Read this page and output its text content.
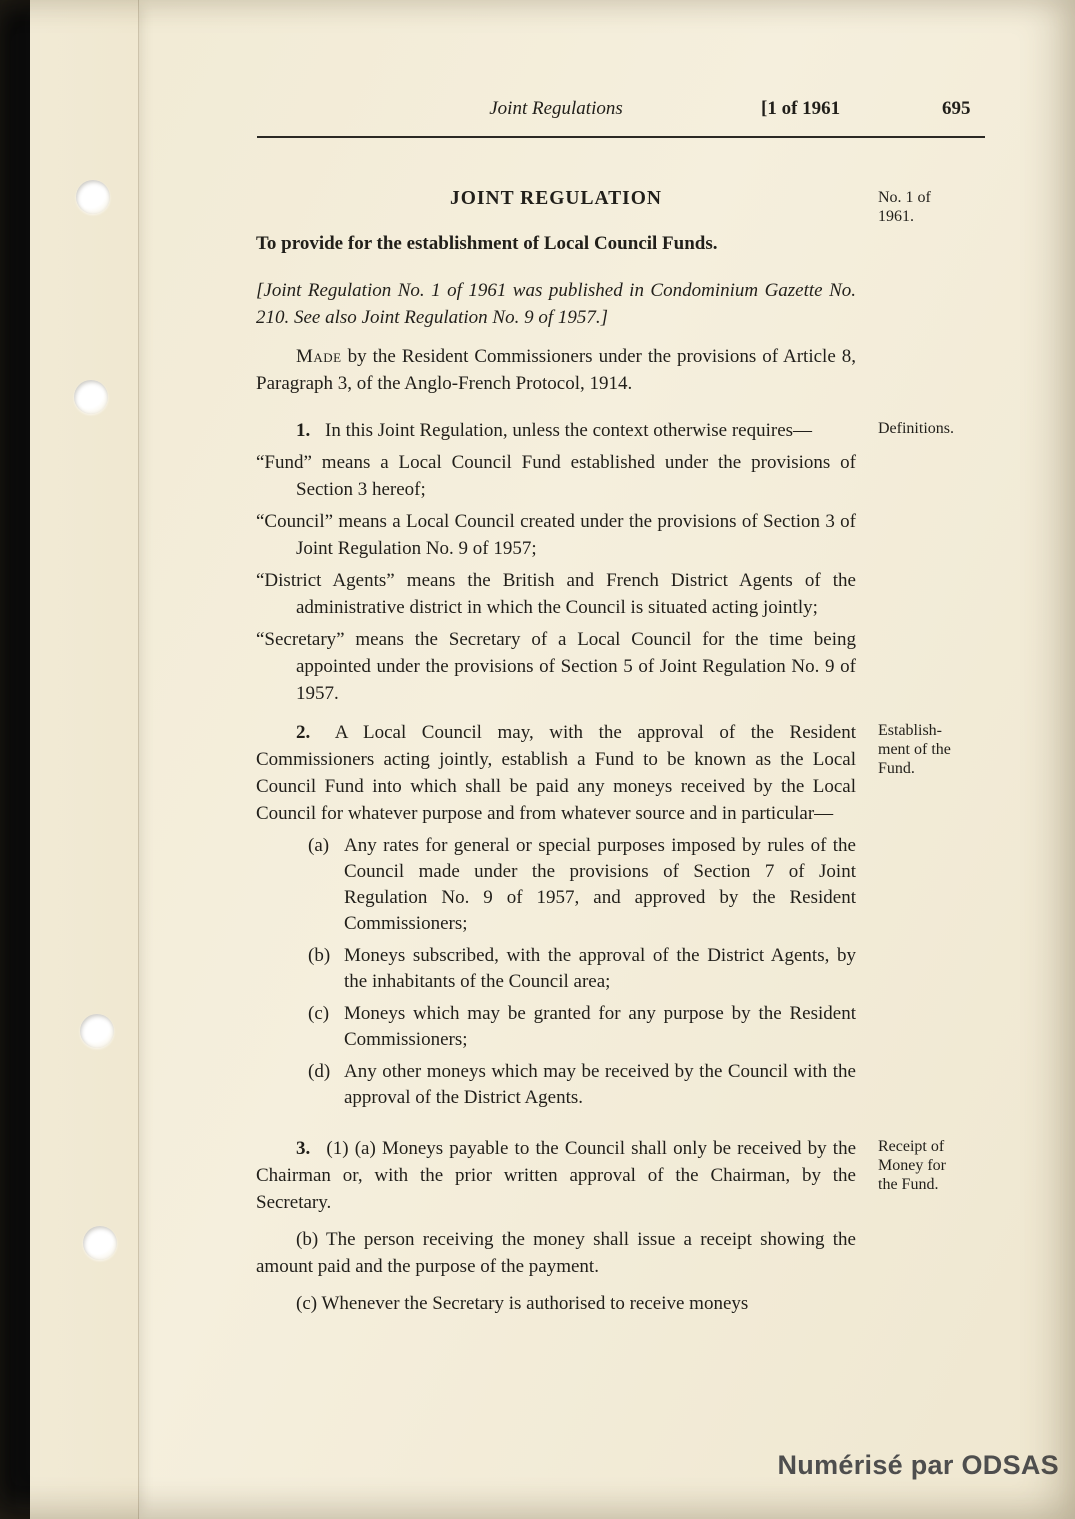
Joint Regulations	[1 of 1961	695
JOINT REGULATION	No. 1 of
1961.

To provide for the establishment of Local Council Funds.

[Joint Regulation No. 1 of 1961 was published in Condominium Gazette No. 210. See also Joint Regulation No. 9 of 1957.]

Made by the Resident Commissioners under the provisions of Article 8, Paragraph 3, of the Anglo-French Protocol, 1914.

1. In this Joint Regulation, unless the context otherwise requires—	Definitions.

“Fund” means a Local Council Fund established under the provisions of Section 3 hereof;

“Council” means a Local Council created under the provisions of Section 3 of Joint Regulation No. 9 of 1957;

“District Agents” means the British and French District Agents of the administrative district in which the Council is situated acting jointly;

“Secretary” means the Secretary of a Local Council for the time being appointed under the provisions of Section 5 of Joint Regulation No. 9 of 1957.

2. A Local Council may, with the approval of the Resident Commissioners acting jointly, establish a Fund to be known as the Local Council Fund into which shall be paid any moneys received by the Local Council for whatever purpose and from whatever source and in particular—

Establish-
ment of the
Fund.
(a) Any rates for general or special purposes imposed by rules of the Council made under the provisions of Section 7 of Joint Regulation No. 9 of 1957, and approved by the Resident Commissioners;
(b) Moneys subscribed, with the approval of the District Agents, by the inhabitants of the Council area;
(c) Moneys which may be granted for any purpose by the Resident Commissioners;
(d) Any other moneys which may be received by the Council with the approval of the District Agents.

3. (1) (a) Moneys payable to the Council shall only be received by the Chairman or, with the prior written approval of the Chairman, by the Secretary.

Receipt of
Money for
the Fund.

(b) The person receiving the money shall issue a receipt showing the amount paid and the purpose of the payment.

(c) Whenever the Secretary is authorised to receive moneys

Numérisé par ODSAS
